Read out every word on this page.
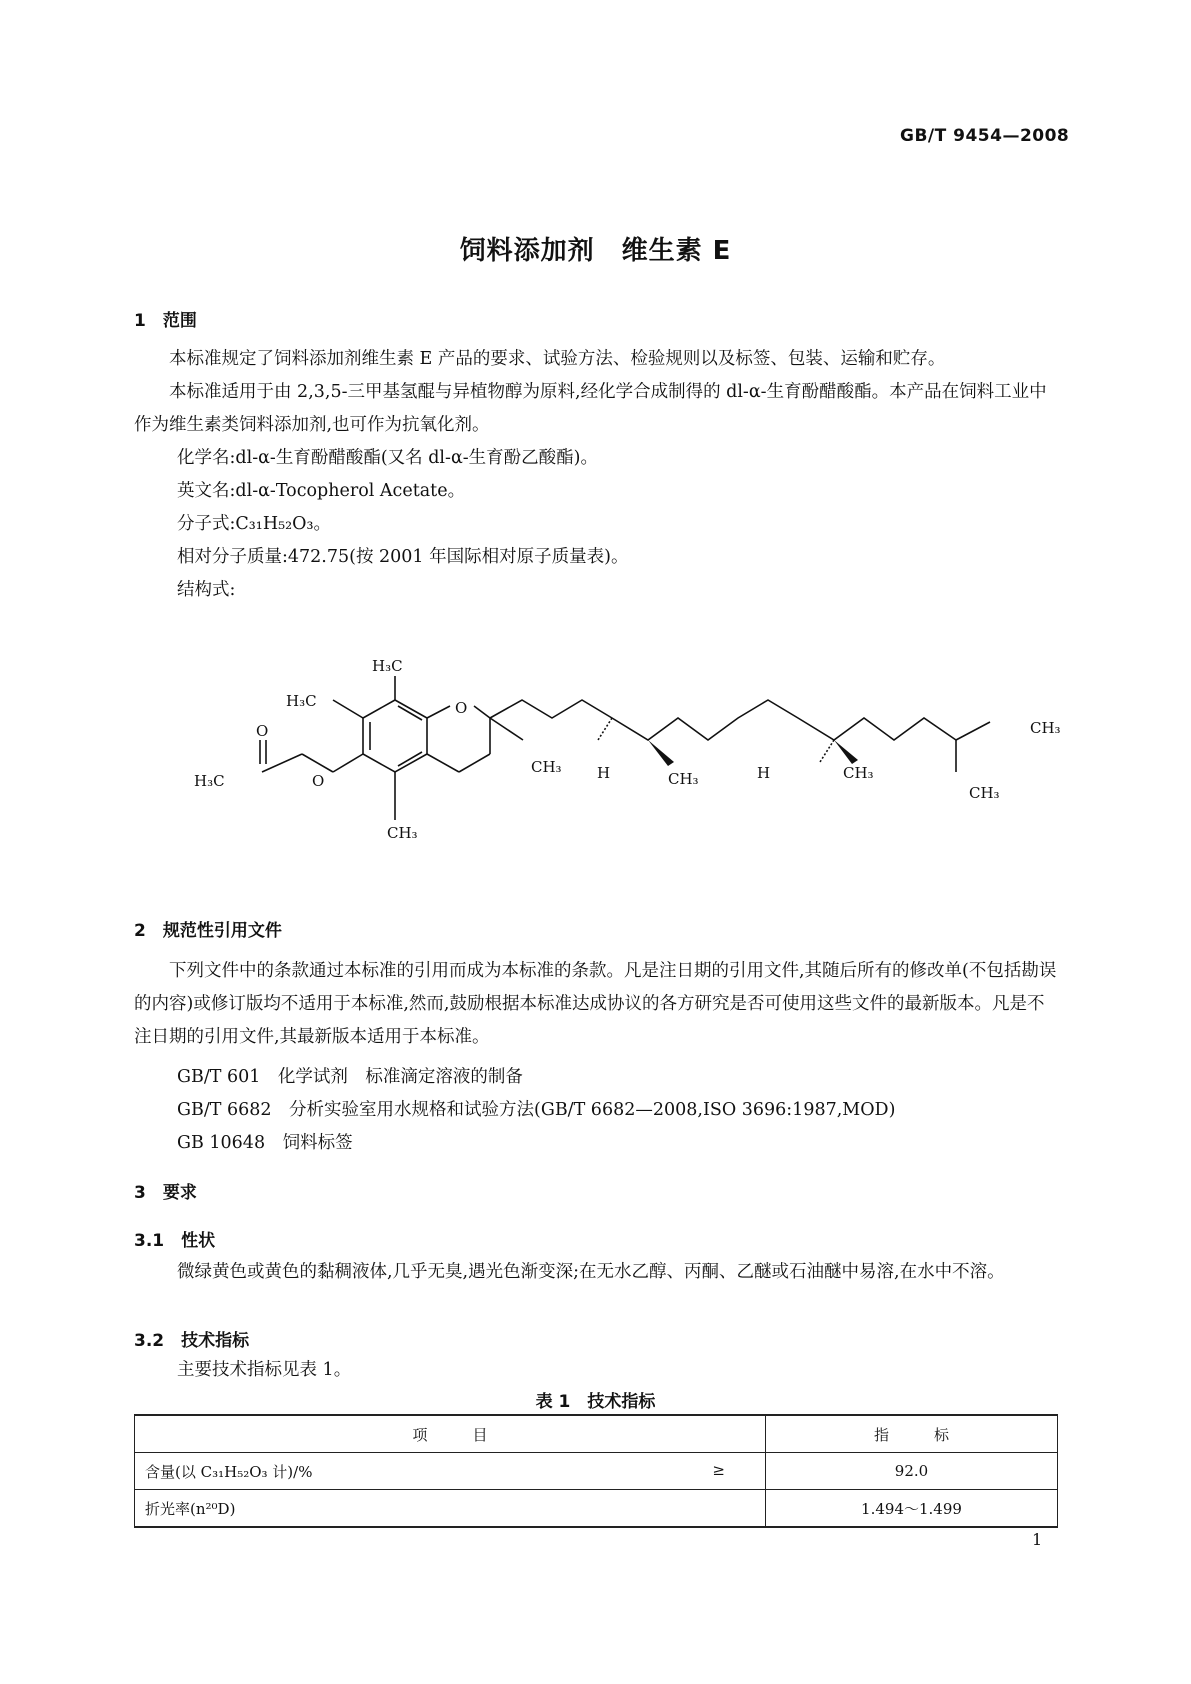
GB/T 9454—2008
饲料添加剂　维生素 E
1　范围
本标准规定了饲料添加剂维生素 E 产品的要求、试验方法、检验规则以及标签、包装、运输和贮存。
本标准适用于由 2,3,5-三甲基氢醌与异植物醇为原料,经化学合成制得的 dl-α-生育酚醋酸酯。本产品在饲料工业中作为维生素类饲料添加剂,也可作为抗氧化剂。
化学名:dl-α-生育酚醋酸酯(又名 dl-α-生育酚乙酸酯)。
英文名:dl-α-Tocopherol Acetate。
分子式:C₃₁H₅₂O₃。
相对分子质量:472.75(按 2001 年国际相对原子质量表)。
结构式:
H₃C
H₃C
O
H₃C	O
O
CH₃
CH₃
H	CH₃	H	CH₃
CH₃
CH₃
2　规范性引用文件
下列文件中的条款通过本标准的引用而成为本标准的条款。凡是注日期的引用文件,其随后所有的修改单(不包括勘误的内容)或修订版均不适用于本标准,然而,鼓励根据本标准达成协议的各方研究是否可使用这些文件的最新版本。凡是不注日期的引用文件,其最新版本适用于本标准。
GB/T 601　化学试剂　标准滴定溶液的制备
GB/T 6682　分析实验室用水规格和试验方法(GB/T 6682—2008,ISO 3696:1987,MOD)
GB 10648　饲料标签
3　要求
3.1　性状
微绿黄色或黄色的黏稠液体,几乎无臭,遇光色渐变深;在无水乙醇、丙酮、乙醚或石油醚中易溶,在水中不溶。
3.2　技术指标
主要技术指标见表 1。
表 1　技术指标
项　　　目	指　　　标
含量(以 C₃₁H₅₂O₃ 计)/% ≥	92.0
折光率(n²⁰D)	1.494～1.499
1
